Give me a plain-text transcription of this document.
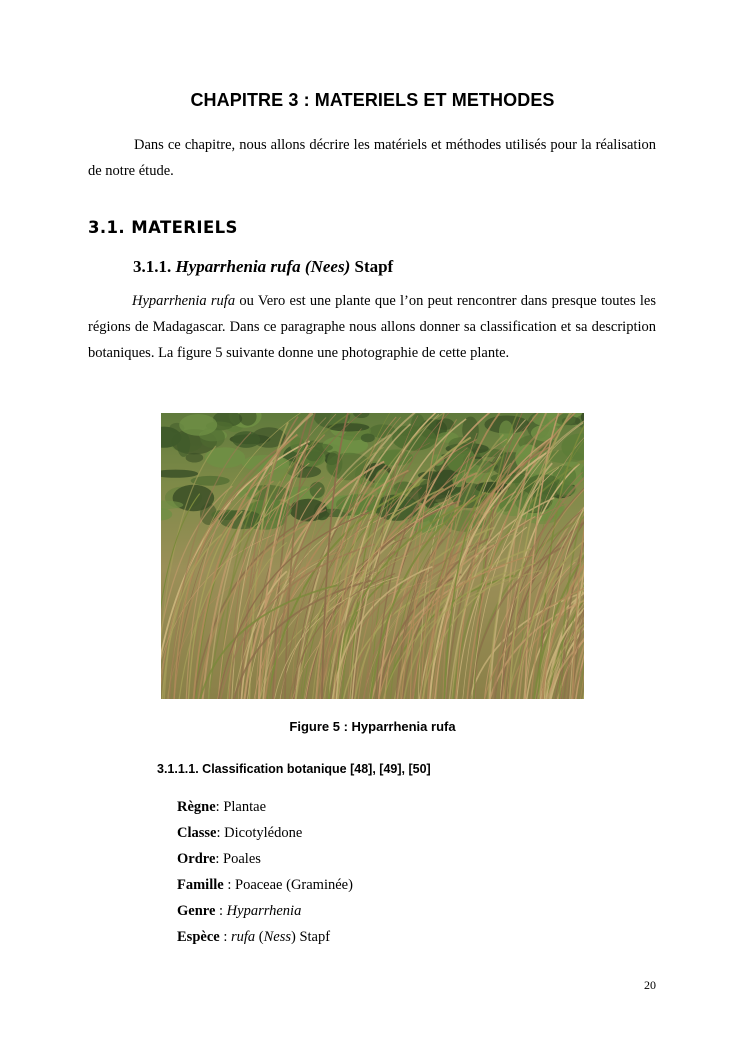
CHAPITRE 3 : MATERIELS ET METHODES

Dans ce chapitre, nous allons décrire les matériels et méthodes utilisés pour la réalisation de notre étude.

3.1. MATERIELS
3.1.1. Hyparrhenia rufa (Nees) Stapf

Hyparrhenia rufa ou Vero est une plante que l’on peut rencontrer dans presque toutes les régions de Madagascar. Dans ce paragraphe nous allons donner sa classification et sa description botaniques. La figure 5 suivante donne une photographie de cette plante.

Figure 5 : Hyparrhenia rufa
3.1.1.1. Classification botanique [48], [49], [50]
Règne: Plantae
Classe: Dicotylédone
Ordre: Poales
Famille : Poaceae (Graminée)
Genre : Hyparrhenia
Espèce : rufa (Ness) Stapf
20
